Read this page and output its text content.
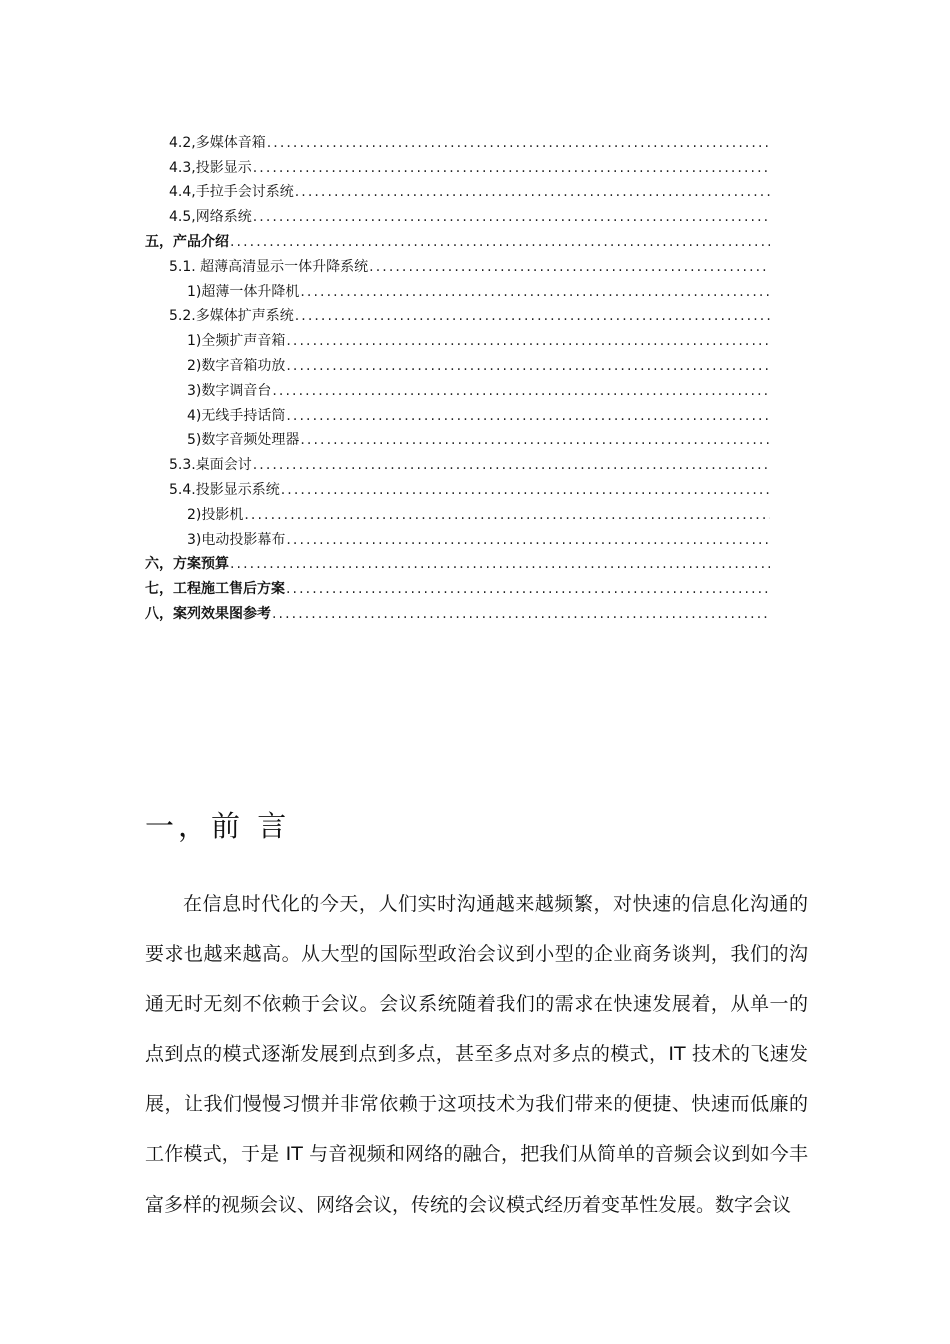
4.2,多媒体音箱
.....
4.3,投影显示
.....
4.4,手拉手会讨系统
.....
4.5,网络系统
.....
五，产品介绍
.....
5.1. 超薄高清显示一体升降系统
.....
1)超薄一体升降机
.....
5.2.多媒体扩声系统
.....
1)全频扩声音箱
.....
2)数字音箱功放
.....
3)数字调音台
.....
4)无线手持话筒
.....
5)数字音频处理器
.....
5.3.桌面会讨
.....
5.4.投影显示系统
.....
2)投影机
.....
3)电动投影幕布
.....
六，方案预算
.....
七，工程施工售后方案
.....
八，案列效果图参考
.....
一，前 言

在信息时代化的今天，人们实时沟通越来越频繁，对快速的信息化沟通的要求也越来越高。从大型的国际型政治会议到小型的企业商务谈判，我们的沟通无时无刻不依赖于会议。会议系统随着我们的需求在快速发展着，从单一的点到点的模式逐渐发展到点到多点，甚至多点对多点的模式，IT 技术的飞速发展，让我们慢慢习惯并非常依赖于这项技术为我们带来的便捷、快速而低廉的工作模式，于是 IT 与音视频和网络的融合，把我们从简单的音频会议到如今丰富多样的视频会议、网络会议，传统的会议模式经历着变革性发展。数字会议
